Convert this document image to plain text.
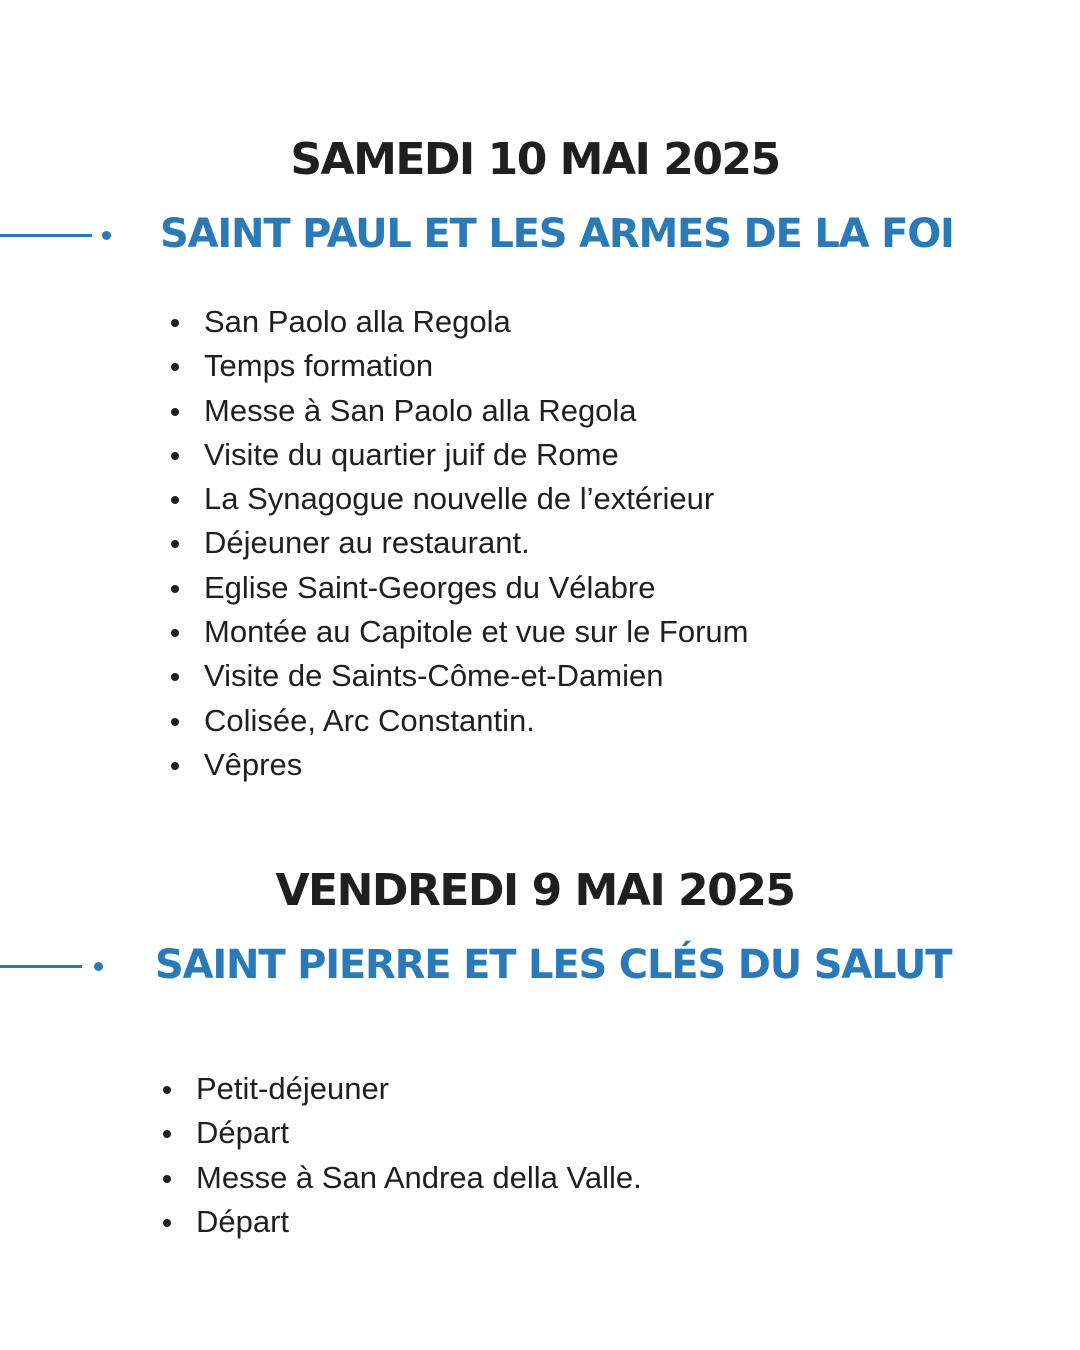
SAMEDI 10 MAI 2025
SAINT PAUL ET LES ARMES DE LA FOI
San Paolo alla Regola
Temps formation
Messe à San Paolo alla Regola
Visite du quartier juif de Rome
La Synagogue nouvelle de l’extérieur
Déjeuner au restaurant.
Eglise Saint-Georges du Vélabre
Montée au Capitole et vue sur le Forum
Visite de Saints-Côme-et-Damien
Colisée, Arc Constantin.
Vêpres
VENDREDI 9 MAI 2025
SAINT PIERRE ET LES CLÉS DU SALUT
Petit-déjeuner
Départ
Messe à San Andrea della Valle.
Départ
